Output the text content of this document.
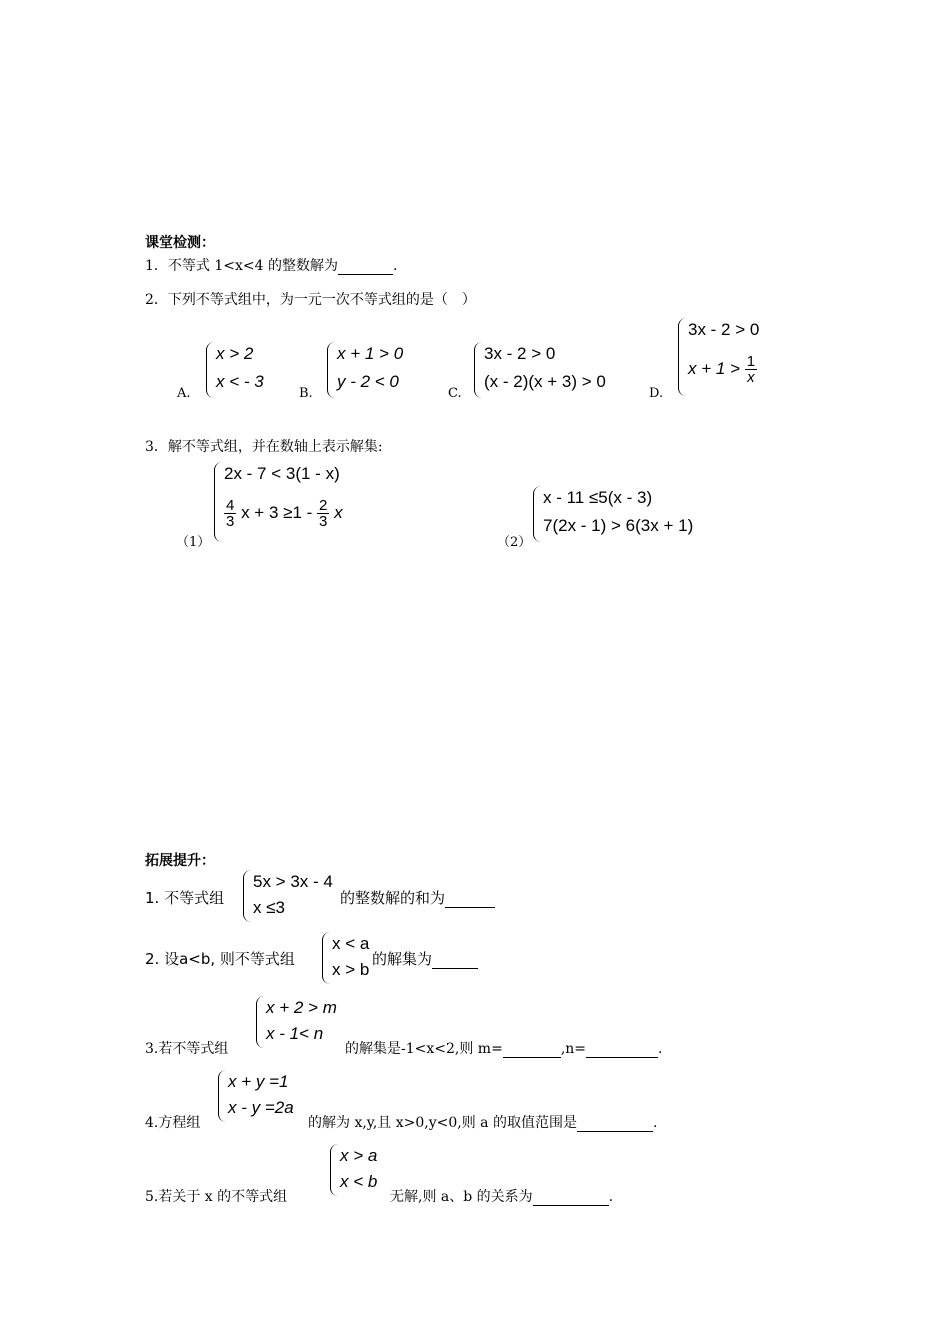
课堂检测：
1．不等式 1<x<4 的整数解为	.
2．下列不等式组中，为一元一次不等式组的是（　）
A.
x > 2
x < - 3
B.
x + 1 > 0
y - 2 < 0
C.
3x - 2 > 0
(x - 2)(x + 3) > 0
D.
3x - 2 > 0
$x + 1 > \frac{1}{x}$
3．解不等式组，并在数轴上表示解集:
（1）
2x - 7 < 3(1 - x)
$\frac{4}{3}$ $x + 3 \ge 1 - \frac{2}{3}$ x
（2）
x - 11 ≤5(x - 3)
7(2x - 1) > 6(3x + 1)
拓展提升：
1. 不等式组
5x > 3x - 4
x ≤3	的整数解的和为
2. 设a<b, 则不等式组
x < a
x > b
的解集为
3.若不等式组
x + 2 > m
x - 1< n
的解集是-1<x<2,则 m=	,n=	.
4.方程组
x + y =1
x - y =2a
的解为 x,y,且 x>0,y<0,则 a 的取值范围是	.
5.若关于 x 的不等式组
x > a
x < b
无解,则 a、b 的关系为	.
